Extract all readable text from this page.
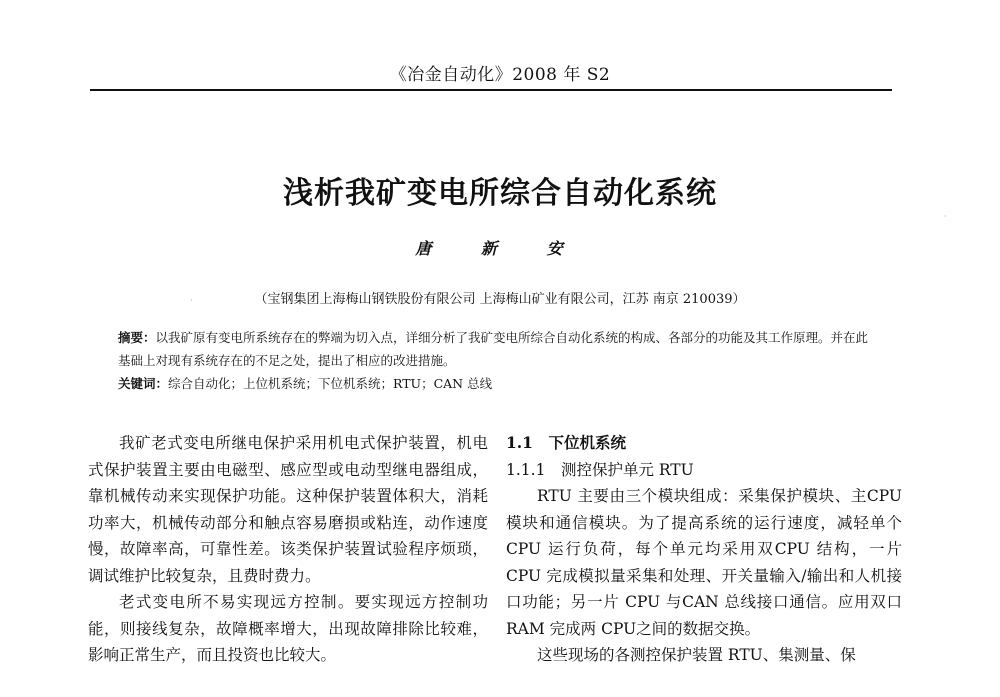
《冶金自动化》2008 年 S2
浅析我矿变电所综合自动化系统
唐 新 安
（宝钢集团上海梅山钢铁股份有限公司 上海梅山矿业有限公司，江苏 南京 210039）
摘要：以我矿原有变电所系统存在的弊端为切入点，详细分析了我矿变电所综合自动化系统的构成、各部分的功能及其工作原理。并在此基础上对现有系统存在的不足之处，提出了相应的改进措施。
关键词：综合自动化；上位机系统；下位机系统；RTU；CAN 总线

我矿老式变电所继电保护采用机电式保护装置，机电式保护装置主要由电磁型、感应型或电动型继电器组成，靠机械传动来实现保护功能。这种保护装置体积大，消耗功率大，机械传动部分和触点容易磨损或粘连，动作速度慢，故障率高，可靠性差。该类保护装置试验程序烦琐，调试维护比较复杂，且费时费力。

老式变电所不易实现远方控制。要实现远方控制功能，则接线复杂，故障概率增大，出现故障排除比较难，影响正常生产，而且投资也比较大。

1.1　下位机系统

1.1.1　测控保护单元 RTU

RTU 主要由三个模块组成：采集保护模块、主CPU 模块和通信模块。为了提高系统的运行速度，减轻单个 CPU 运行负荷，每个单元均采用双CPU 结构，一片 CPU 完成模拟量采集和处理、开关量输入/输出和人机接口功能；另一片 CPU 与CAN 总线接口通信。应用双口 RAM 完成两 CPU之间的数据交换。

这些现场的各测控保护装置 RTU、集测量、保

·
·
